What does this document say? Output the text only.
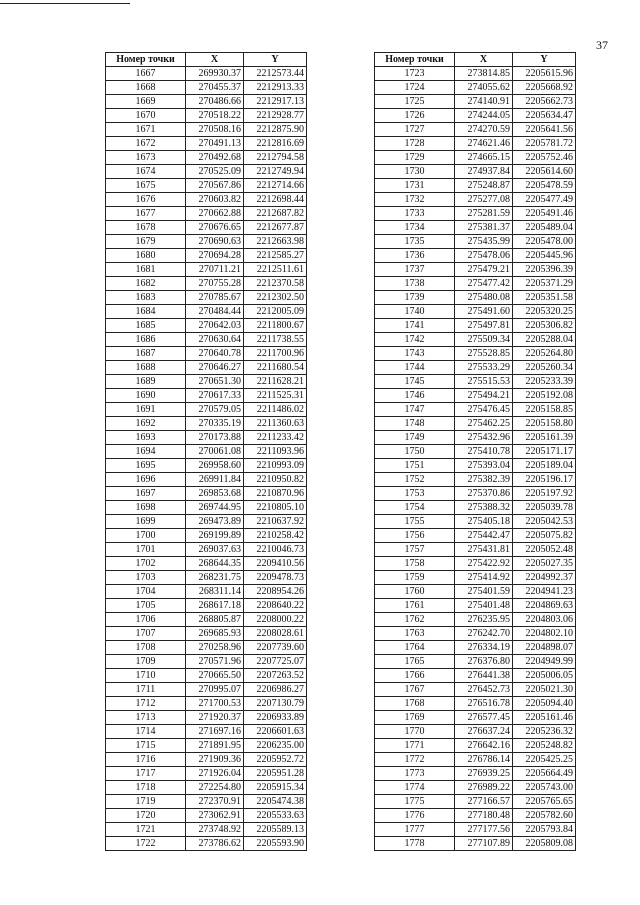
37
Номер точки	X	Y
1667	269930.37	2212573.44
1668	270455.37	2212913.33
1669	270486.66	2212917.13
1670	270518.22	2212928.77
1671	270508.16	2212875.90
1672	270491.13	2212816.69
1673	270492.68	2212794.58
1674	270525.09	2212749.94
1675	270567.86	2212714.66
1676	270603.82	2212698.44
1677	270662.88	2212687.82
1678	270676.65	2212677.87
1679	270690.63	2212663.98
1680	270694.28	2212585.27
1681	270711.21	2212511.61
1682	270755.28	2212370.58
1683	270785.67	2212302.50
1684	270484.44	2212005.09
1685	270642.03	2211800.67
1686	270630.64	2211738.55
1687	270640.78	2211700.96
1688	270646.27	2211680.54
1689	270651.30	2211628.21
1690	270617.33	2211525.31
1691	270579.05	2211486.02
1692	270335.19	2211360.63
1693	270173.88	2211233.42
1694	270061.08	2211093.96
1695	269958.60	2210993.09
1696	269911.84	2210950.82
1697	269853.68	2210870.96
1698	269744.95	2210805.10
1699	269473.89	2210637.92
1700	269199.89	2210258.42
1701	269037.63	2210046.73
1702	268644.35	2209410.56
1703	268231.75	2209478.73
1704	268311.14	2208954.26
1705	268617.18	2208640.22
1706	268805.87	2208000.22
1707	269685.93	2208028.61
1708	270258.96	2207739.60
1709	270571.96	2207725.07
1710	270665.50	2207263.52
1711	270995.07	2206986.27
1712	271700.53	2207130.79
1713	271920.37	2206933.89
1714	271697.16	2206601.63
1715	271891.95	2206235.00
1716	271909.36	2205952.72
1717	271926.04	2205951.28
1718	272254.80	2205915.34
1719	272370.91	2205474.38
1720	273062.91	2205533.63
1721	273748.92	2205589.13
1722	273786.62	2205593.90
Номер точки	X	Y
1723	273814.85	2205615.96
1724	274055.62	2205668.92
1725	274140.91	2205662.73
1726	274244.05	2205634.47
1727	274270.59	2205641.56
1728	274621.46	2205781.72
1729	274665.15	2205752.46
1730	274937.84	2205614.60
1731	275248.87	2205478.59
1732	275277.08	2205477.49
1733	275281.59	2205491.46
1734	275381.37	2205489.04
1735	275435.99	2205478.00
1736	275478.06	2205445.96
1737	275479.21	2205396.39
1738	275477.42	2205371.29
1739	275480.08	2205351.58
1740	275491.60	2205320.25
1741	275497.81	2205306.82
1742	275509.34	2205288.04
1743	275528.85	2205264.80
1744	275533.29	2205260.34
1745	275515.53	2205233.39
1746	275494.21	2205192.08
1747	275476.45	2205158.85
1748	275462.25	2205158.80
1749	275432.96	2205161.39
1750	275410.78	2205171.17
1751	275393.04	2205189.04
1752	275382.39	2205196.17
1753	275370.86	2205197.92
1754	275388.32	2205039.78
1755	275405.18	2205042.53
1756	275442.47	2205075.82
1757	275431.81	2205052.48
1758	275422.92	2205027.35
1759	275414.92	2204992.37
1760	275401.59	2204941.23
1761	275401.48	2204869.63
1762	276235.95	2204803.06
1763	276242.70	2204802.10
1764	276334.19	2204898.07
1765	276376.80	2204949.99
1766	276441.38	2205006.05
1767	276452.73	2205021.30
1768	276516.78	2205094.40
1769	276577.45	2205161.46
1770	276637.24	2205236.32
1771	276642.16	2205248.82
1772	276786.14	2205425.25
1773	276939.25	2205664.49
1774	276989.22	2205743.00
1775	277166.57	2205765.65
1776	277180.48	2205782.60
1777	277177.56	2205793.84
1778	277107.89	2205809.08
